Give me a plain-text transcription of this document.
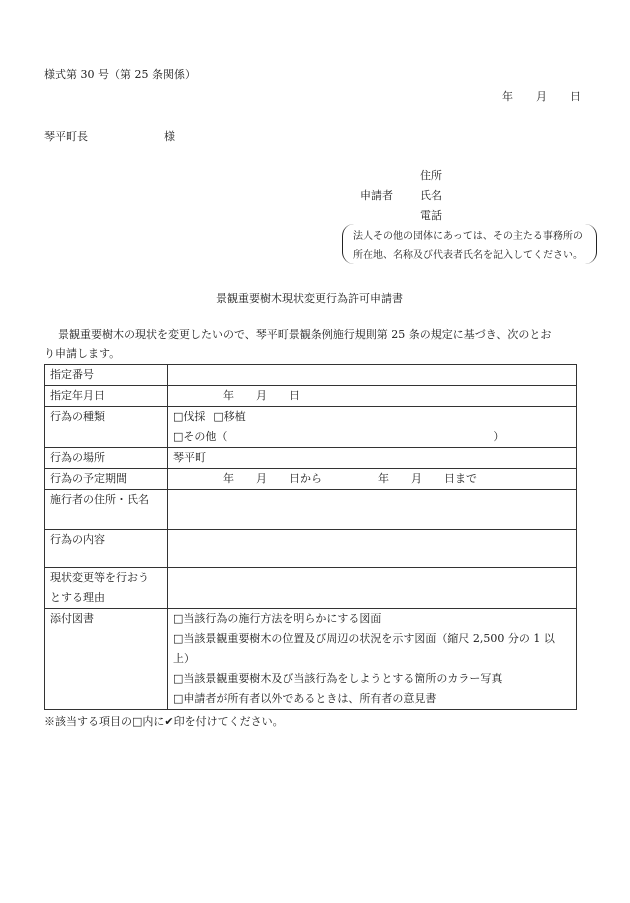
様式第 30 号（第 25 条関係）
年 月 日
琴平町長	様
住所
申請者 氏名
電話
法人その他の団体にあっては、その主たる事務所の
所在地、名称及び代表者氏名を記入してください。
景観重要樹木現状変更行為許可申請書
景観重要樹木の現状を変更したいので、琴平町景観条例施行規則第 25 条の規定に基づき、次のとお
り申請します。
指定番号	
指定年月日	年 月 日
行為の種類	□伐採 □移植
□その他（ ）

行為の場所	琴平町
行為の予定期間	年 月 日から 年 月 日まで
施行者の住所・氏名	
行為の内容	

現状変更等を行おう
とする理由	

添付図書	□当該行為の施行方法を明らかにする図面
□当該景観重要樹木の位置及び周辺の状況を示す図面（縮尺 2,500 分の 1 以上）
□当該景観重要樹木及び当該行為をしようとする箇所のカラー写真
□申請者が所有者以外であるときは、所有者の意見書
※該当する項目の□内に✔印を付けてください。
